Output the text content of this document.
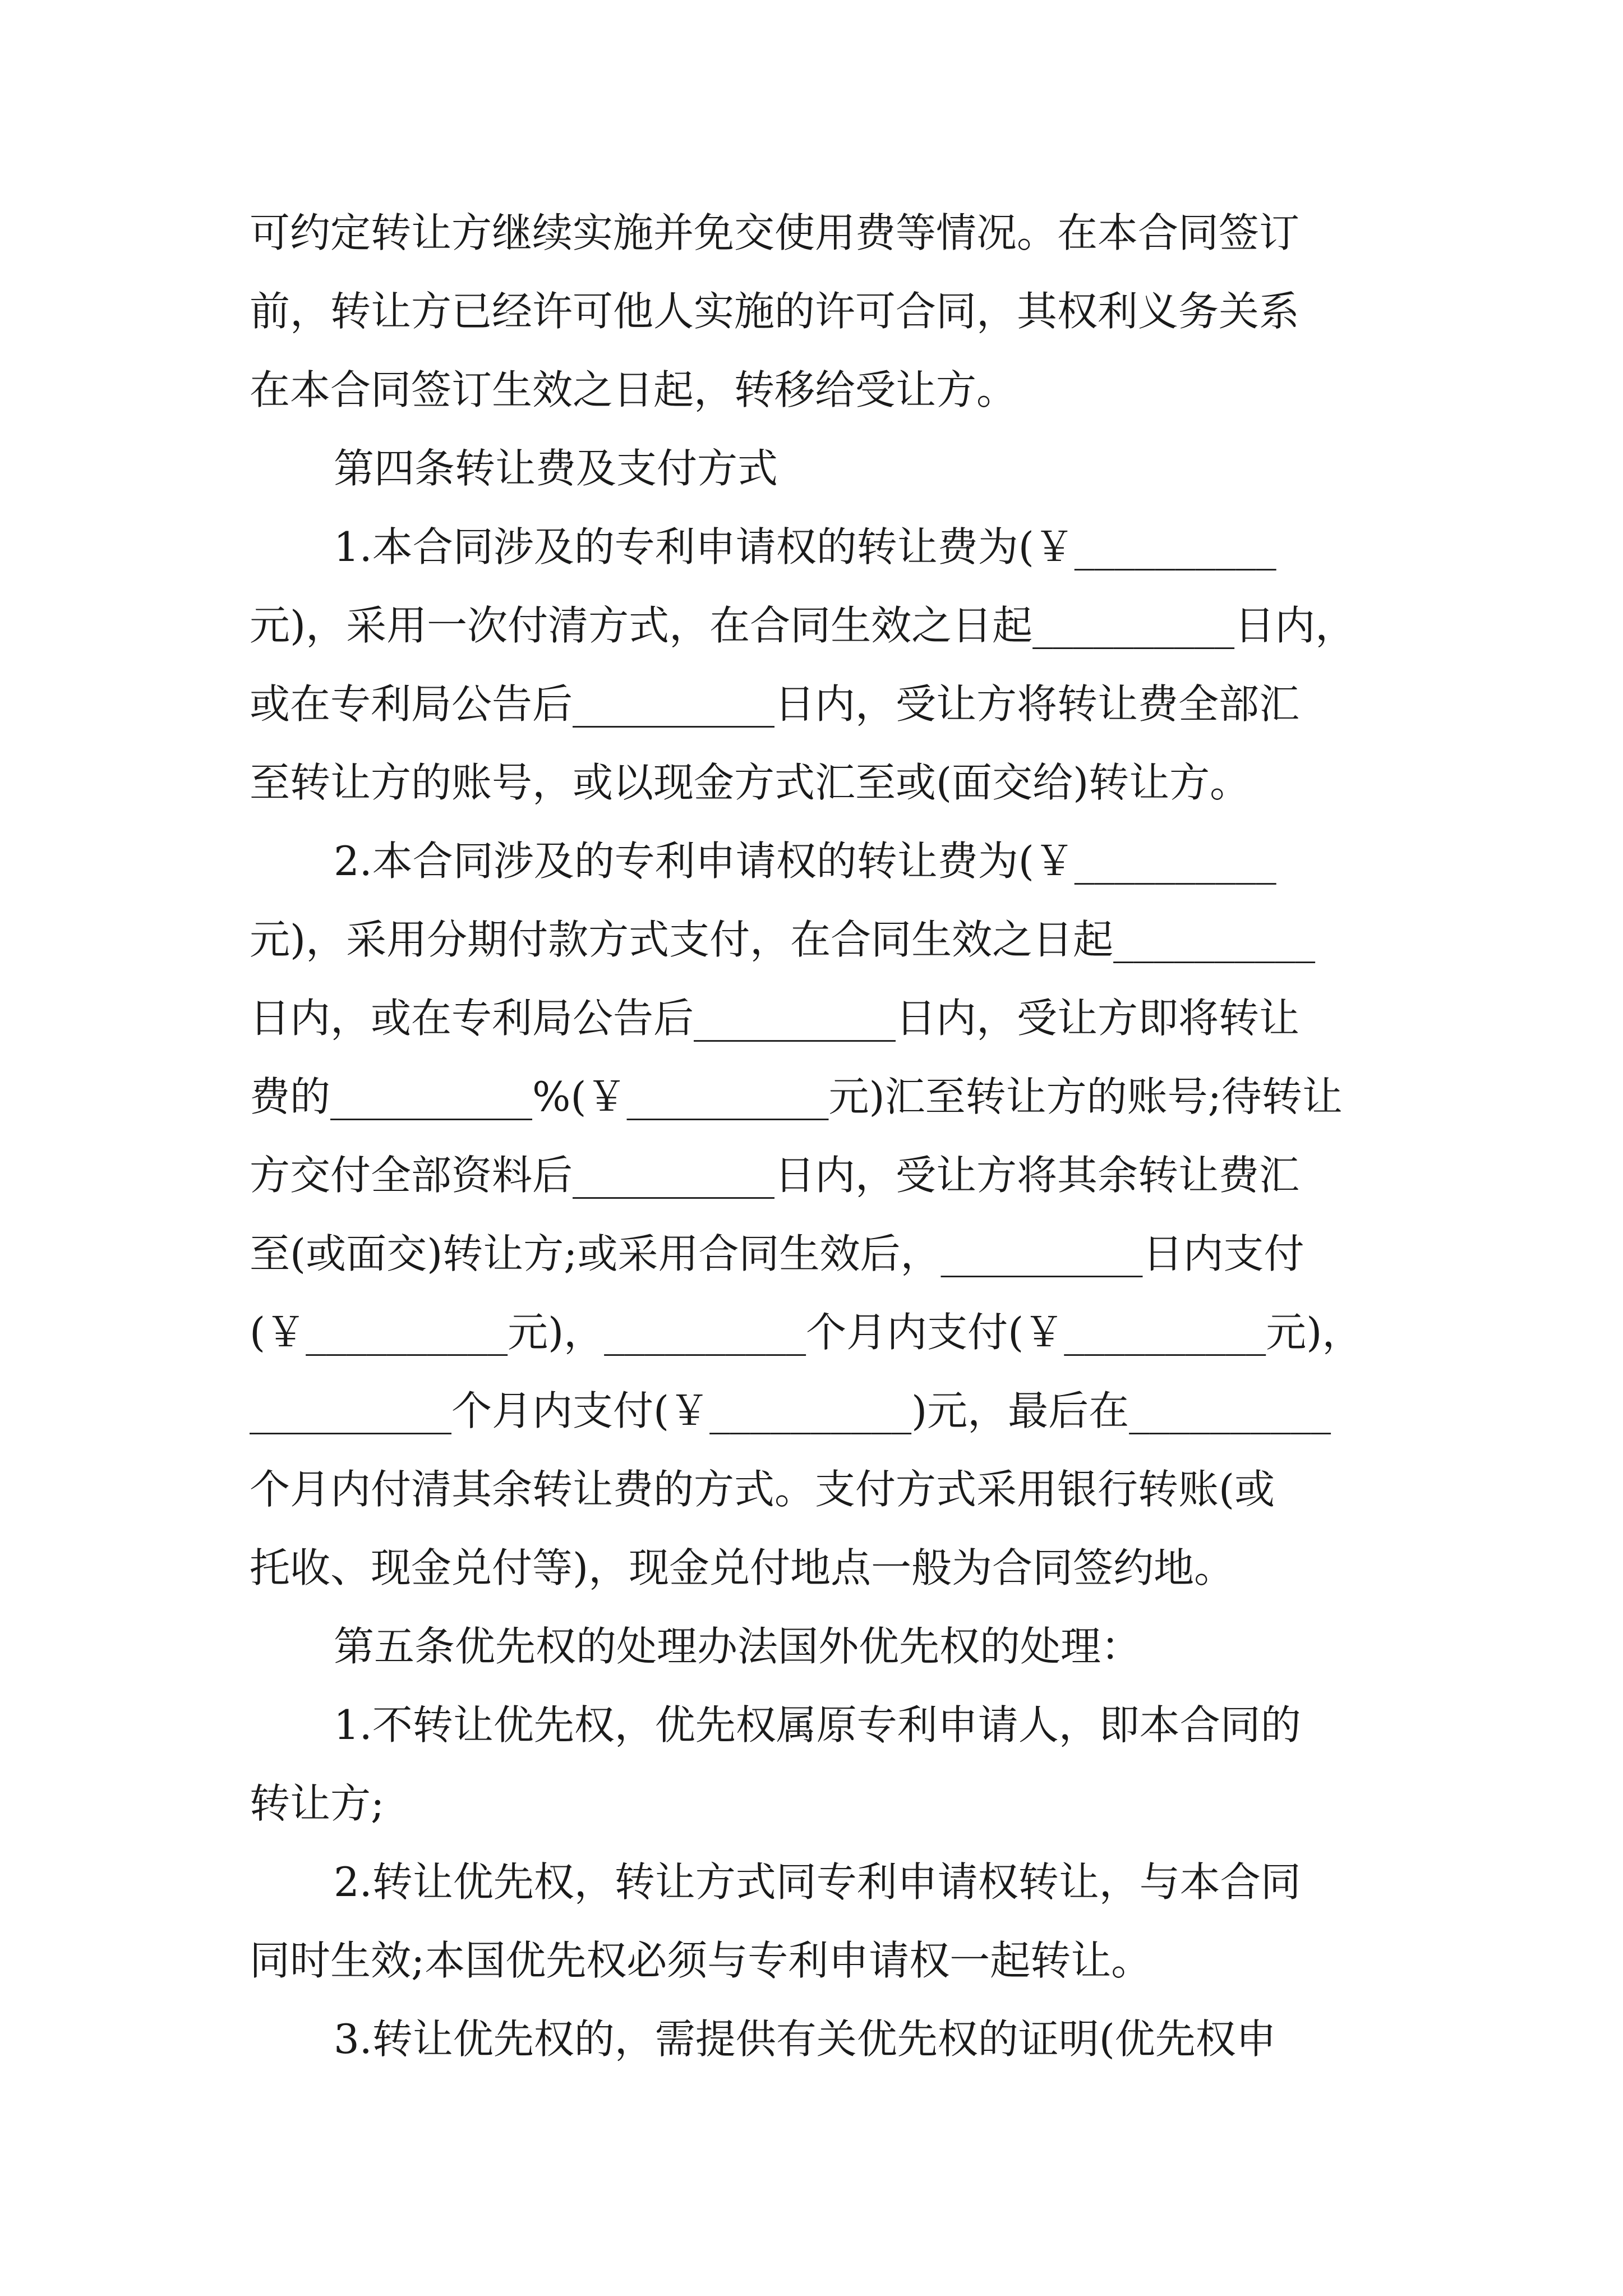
可约定转让方继续实施并免交使用费等情况。在本合同签订
前，转让方已经许可他人实施的许可合同，其权利义务关系
在本合同签订生效之日起，转移给受让方。
第四条转让费及支付方式
1.本合同涉及的专利申请权的转让费为(￥__________
元)，采用一次付清方式，在合同生效之日起__________日内，
或在专利局公告后__________日内，受让方将转让费全部汇
至转让方的账号，或以现金方式汇至或(面交给)转让方。
2.本合同涉及的专利申请权的转让费为(￥__________
元)，采用分期付款方式支付，在合同生效之日起__________
日内，或在专利局公告后__________日内，受让方即将转让
费的__________%(￥__________元)汇至转让方的账号;待转让
方交付全部资料后__________日内，受让方将其余转让费汇
至(或面交)转让方;或采用合同生效后，__________日内支付
(￥__________元)，__________个月内支付(￥__________元)，
__________个月内支付(￥__________)元，最后在__________
个月内付清其余转让费的方式。支付方式采用银行转账(或
托收、现金兑付等)，现金兑付地点一般为合同签约地。
第五条优先权的处理办法国外优先权的处理：
1.不转让优先权，优先权属原专利申请人，即本合同的
转让方;
2.转让优先权，转让方式同专利申请权转让，与本合同
同时生效;本国优先权必须与专利申请权一起转让。
3.转让优先权的，需提供有关优先权的证明(优先权申
